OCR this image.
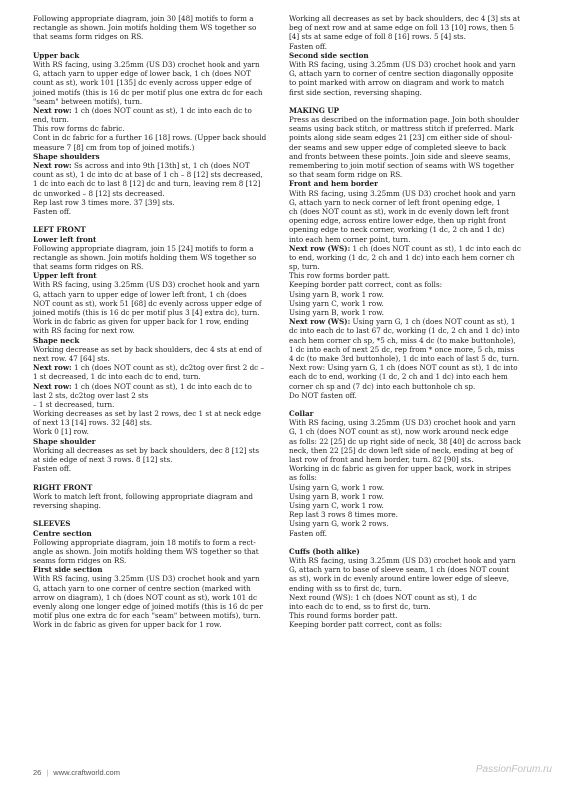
Following appropriate diagram, join 30 [48] motifs to form a
rectangle as shown. Join motifs holding them WS together so
that seams form ridges on RS.
Upper back
With RS facing, using 3.25mm (US D3) crochet hook and yarn
G, attach yarn to upper edge of lower back, 1 ch (does NOT
count as st), work 101 [135] dc evenly across upper edge of
joined motifs (this is 16 dc per motif plus one extra dc for each
"seam" between motifs), turn.
Next row: 1 ch (does NOT count as st), 1 dc into each dc to
end, turn.
This row forms dc fabric.
Cont in dc fabric for a further 16 [18] rows. (Upper back should
measure 7 [8] cm from top of joined motifs.)
Shape shoulders
Next row: Ss across and into 9th [13th] st, 1 ch (does NOT
count as st), 1 dc into dc at base of 1 ch – 8 [12] sts decreased,
1 dc into each dc to last 8 [12] dc and turn, leaving rem 8 [12]
dc unworked – 8 [12] sts decreased.
Rep last row 3 times more. 37 [39] sts.
Fasten off.
LEFT FRONT
Lower left front
Following appropriate diagram, join 15 [24] motifs to form a
rectangle as shown. Join motifs holding them WS together so
that seams form ridges on RS.
Upper left front
With RS facing, using 3.25mm (US D3) crochet hook and yarn
G, attach yarn to upper edge of lower left front, 1 ch (does
NOT count as st), work 51 [68] dc evenly across upper edge of
joined motifs (this is 16 dc per motif plus 3 [4] extra dc), turn.
Work in dc fabric as given for upper back for 1 row, ending
with RS facing for next row.
Shape neck
Working decrease as set by back shoulders, dec 4 sts at end of
next row. 47 [64] sts.
Next row: 1 ch (does NOT count as st), dc2tog over first 2 dc –
1 st decreased, 1 dc into each dc to end, turn.
Next row: 1 ch (does NOT count as st), 1 dc into each dc to
last 2 sts, dc2tog over last 2 sts
– 1 st decreased, turn.
Working decreases as set by last 2 rows, dec 1 st at neck edge
of next 13 [14] rows. 32 [48] sts.
Work 0 [1] row.
Shape shoulder
Working all decreases as set by back shoulders, dec 8 [12] sts
at side edge of next 3 rows. 8 [12] sts.
Fasten off.
RIGHT FRONT
Work to match left front, following appropriate diagram and
reversing shaping.
SLEEVES
Centre section
Following appropriate diagram, join 18 motifs to form a rect-
angle as shown. Join motifs holding them WS together so that
seams form ridges on RS.
First side section
With RS facing, using 3.25mm (US D3) crochet hook and yarn
G, attach yarn to one corner of centre section (marked with
arrow on diagram), 1 ch (does NOT count as st), work 101 dc
evenly along one longer edge of joined motifs (this is 16 dc per
motif plus one extra dc for each "seam" between motifs), turn.
Work in dc fabric as given for upper back for 1 row.
Working all decreases as set by back shoulders, dec 4 [3] sts at
beg of next row and at same edge on foll 13 [10] rows, then 5
[4] sts at same edge of foll 8 [16] rows. 5 [4] sts.
Fasten off.
Second side section
With RS facing, using 3.25mm (US D3) crochet hook and yarn
G, attach yarn to corner of centre section diagonally opposite
to point marked with arrow on diagram and work to match
first side section, reversing shaping.
MAKING UP
Press as described on the information page. Join both shoulder
seams using back stitch, or mattress stitch if preferred. Mark
points along side seam edges 21 [23] cm either side of shoul-
der seams and sew upper edge of completed sleeve to back
and fronts between these points. Join side and sleeve seams,
remembering to join motif section of seams with WS together
so that seam form ridge on RS.
Front and hem border
With RS facing, using 3.25mm (US D3) crochet hook and yarn
G, attach yarn to neck corner of left front opening edge, 1
ch (does NOT count as st), work in dc evenly down left front
opening edge, across entire lower edge, then up right front
opening edge to neck corner, working (1 dc, 2 ch and 1 dc)
into each hem corner point, turn.
Next row (WS): 1 ch (does NOT count as st), 1 dc into each dc
to end, working (1 dc, 2 ch and 1 dc) into each hem corner ch
sp, turn.
This row forms border patt.
Keeping border patt correct, cont as folls:
Using yarn B, work 1 row.
Using yarn C, work 1 row.
Using yarn B, work 1 row.
Next row (WS): Using yarn G, 1 ch (does NOT count as st), 1
dc into each dc to last 67 dc, working (1 dc, 2 ch and 1 dc) into
each hem corner ch sp, *5 ch, miss 4 dc (to make buttonhole),
1 dc into each of next 25 dc, rep from * once more, 5 ch, miss
4 dc (to make 3rd buttonhole), 1 dc into each of last 5 dc, turn.
Next row: Using yarn G, 1 ch (does NOT count as st), 1 dc into
each dc to end, working (1 dc, 2 ch and 1 dc) into each hem
corner ch sp and (7 dc) into each buttonhole ch sp.
Do NOT fasten off.
Collar
With RS facing, using 3.25mm (US D3) crochet hook and yarn
G, 1 ch (does NOT count as st), now work around neck edge
as folls: 22 [25] dc up right side of neck, 38 [40] dc across back
neck, then 22 [25] dc down left side of neck, ending at beg of
last row of front and hem border, turn. 82 [90] sts.
Working in dc fabric as given for upper back, work in stripes
as folls:
Using yarn G, work 1 row.
Using yarn B, work 1 row.
Using yarn C, work 1 row.
Rep last 3 rows 8 times more.
Using yarn G, work 2 rows.
Fasten off.
Cuffs (both alike)
With RS facing, using 3.25mm (US D3) crochet hook and yarn
G, attach yarn to base of sleeve seam, 1 ch (does NOT count
as st), work in dc evenly around entire lower edge of sleeve,
ending with ss to first dc, turn.
Next round (WS): 1 ch (does NOT count as st), 1 dc
into each dc to end, ss to first dc, turn.
This round forms border patt.
Keeping border patt correct, cont as folls:
26 | www.craftworld.com	PassionForum.ru
